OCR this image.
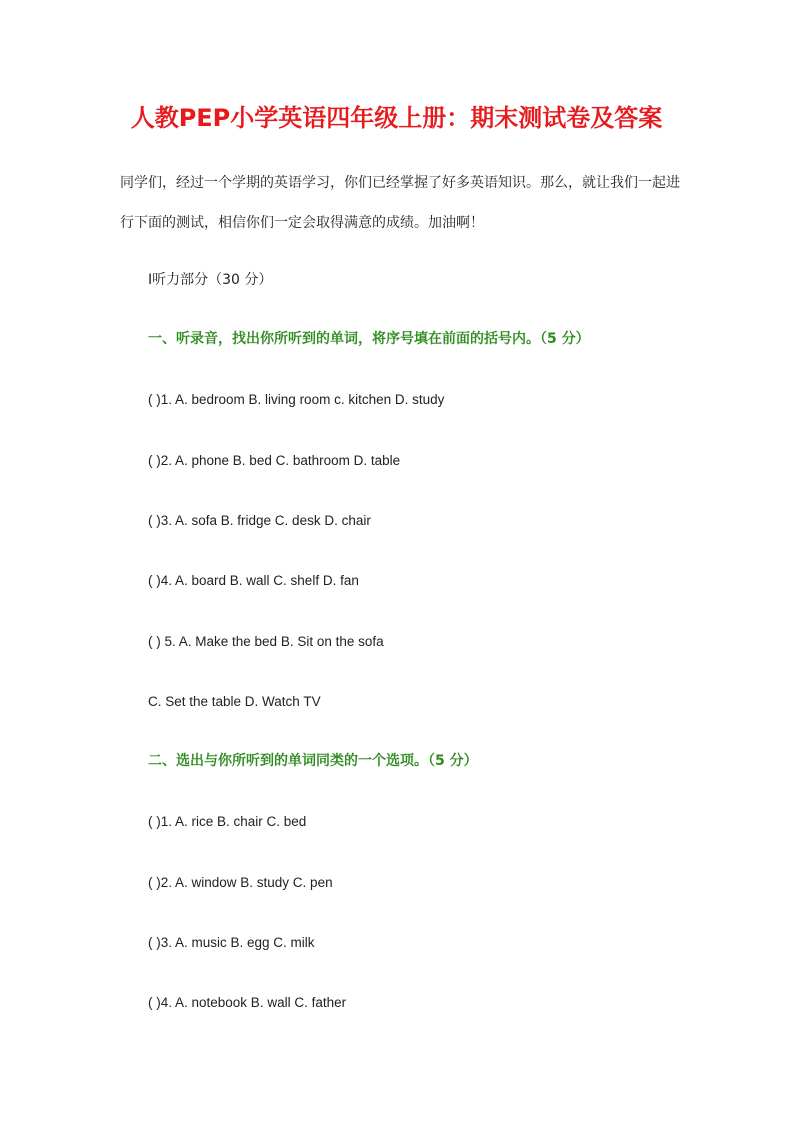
人教PEP小学英语四年级上册：期末测试卷及答案

同学们，经过一个学期的英语学习，你们已经掌握了好多英语知识。那么，就让我们一起进行下面的测试，相信你们一定会取得满意的成绩。加油啊！

Ⅰ听力部分（30 分）

一、听录音，找出你所听到的单词，将序号填在前面的括号内。（5 分）

( )1. A. bedroom B. living room c. kitchen D. study

( )2. A. phone B. bed C. bathroom D. table

( )3. A. sofa B. fridge C. desk D. chair

( )4. A. board B. wall C. shelf D. fan

( ) 5. A. Make the bed B. Sit on the sofa

C. Set the table D. Watch TV

二、选出与你所听到的单词同类的一个选项。（5 分）

( )1. A. rice B. chair C. bed

( )2. A. window B. study C. pen

( )3. A. music B. egg C. milk

( )4. A. notebook B. wall C. father
